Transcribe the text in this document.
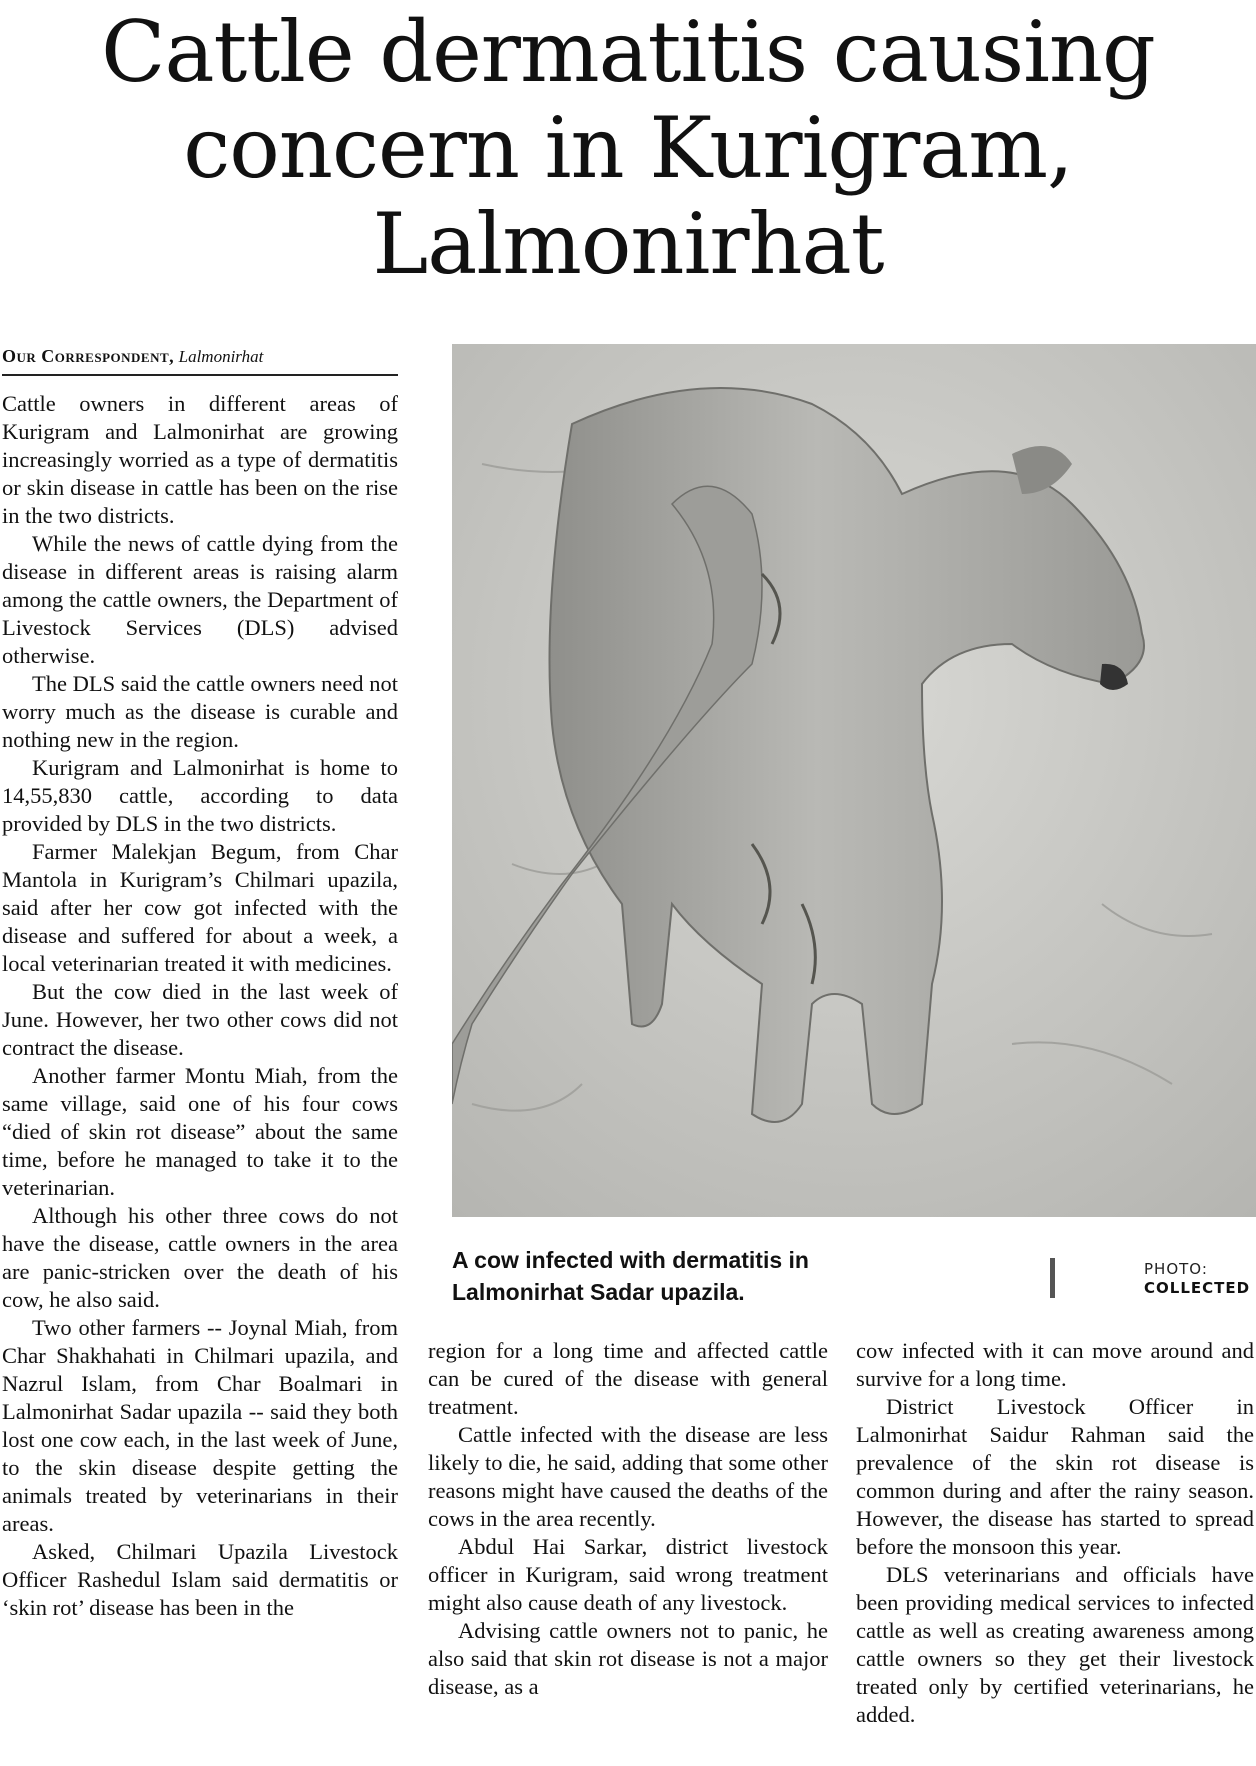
Cattle dermatitis causing
concern in Kurigram,
Lalmonirhat
Our Correspondent, Lalmonirhat

Cattle owners in different areas of Kurigram and Lalmonirhat are growing increasingly worried as a type of dermatitis or skin disease in cattle has been on the rise in the two districts.

While the news of cattle dying from the disease in different areas is raising alarm among the cattle owners, the Department of Livestock Services (DLS) advised otherwise.

The DLS said the cattle owners need not worry much as the disease is curable and nothing new in the region.

Kurigram and Lalmonirhat is home to 14,55,830 cattle, according to data provided by DLS in the two districts.

Farmer Malekjan Begum, from Char Mantola in Kurigram’s Chilmari upazila, said after her cow got infected with the disease and suffered for about a week, a local veterinarian treated it with medicines.

But the cow died in the last week of June. However, her two other cows did not contract the disease.

Another farmer Montu Miah, from the same village, said one of his four cows “died of skin rot disease” about the same time, before he managed to take it to the veterinarian.

Although his other three cows do not have the disease, cattle owners in the area are panic-stricken over the death of his cow, he also said.

Two other farmers -- Joynal Miah, from Char Shakhahati in Chilmari upazila, and Nazrul Islam, from Char Boalmari in Lalmonirhat Sadar upazila -- said they both lost one cow each, in the last week of June, to the skin disease despite getting the animals treated by veterinarians in their areas.

Asked, Chilmari Upazila Livestock Officer Rashedul Islam said dermatitis or ‘skin rot’ disease has been in the

A cow infected with dermatitis in
Lalmonirhat Sadar upazila.
PHOTO:
COLLECTED

region for a long time and affected cattle can be cured of the disease with general treatment.

Cattle infected with the disease are less likely to die, he said, adding that some other reasons might have caused the deaths of the cows in the area recently.

Abdul Hai Sarkar, district livestock officer in Kurigram, said wrong treatment might also cause death of any livestock.

Advising cattle owners not to panic, he also said that skin rot disease is not a major disease, as a

cow infected with it can move around and survive for a long time.

District Livestock Officer in Lalmonirhat Saidur Rahman said the prevalence of the skin rot disease is common during and after the rainy season. However, the disease has started to spread before the monsoon this year.

DLS veterinarians and officials have been providing medical services to infected cattle as well as creating awareness among cattle owners so they get their livestock treated only by certified veterinarians, he added.
